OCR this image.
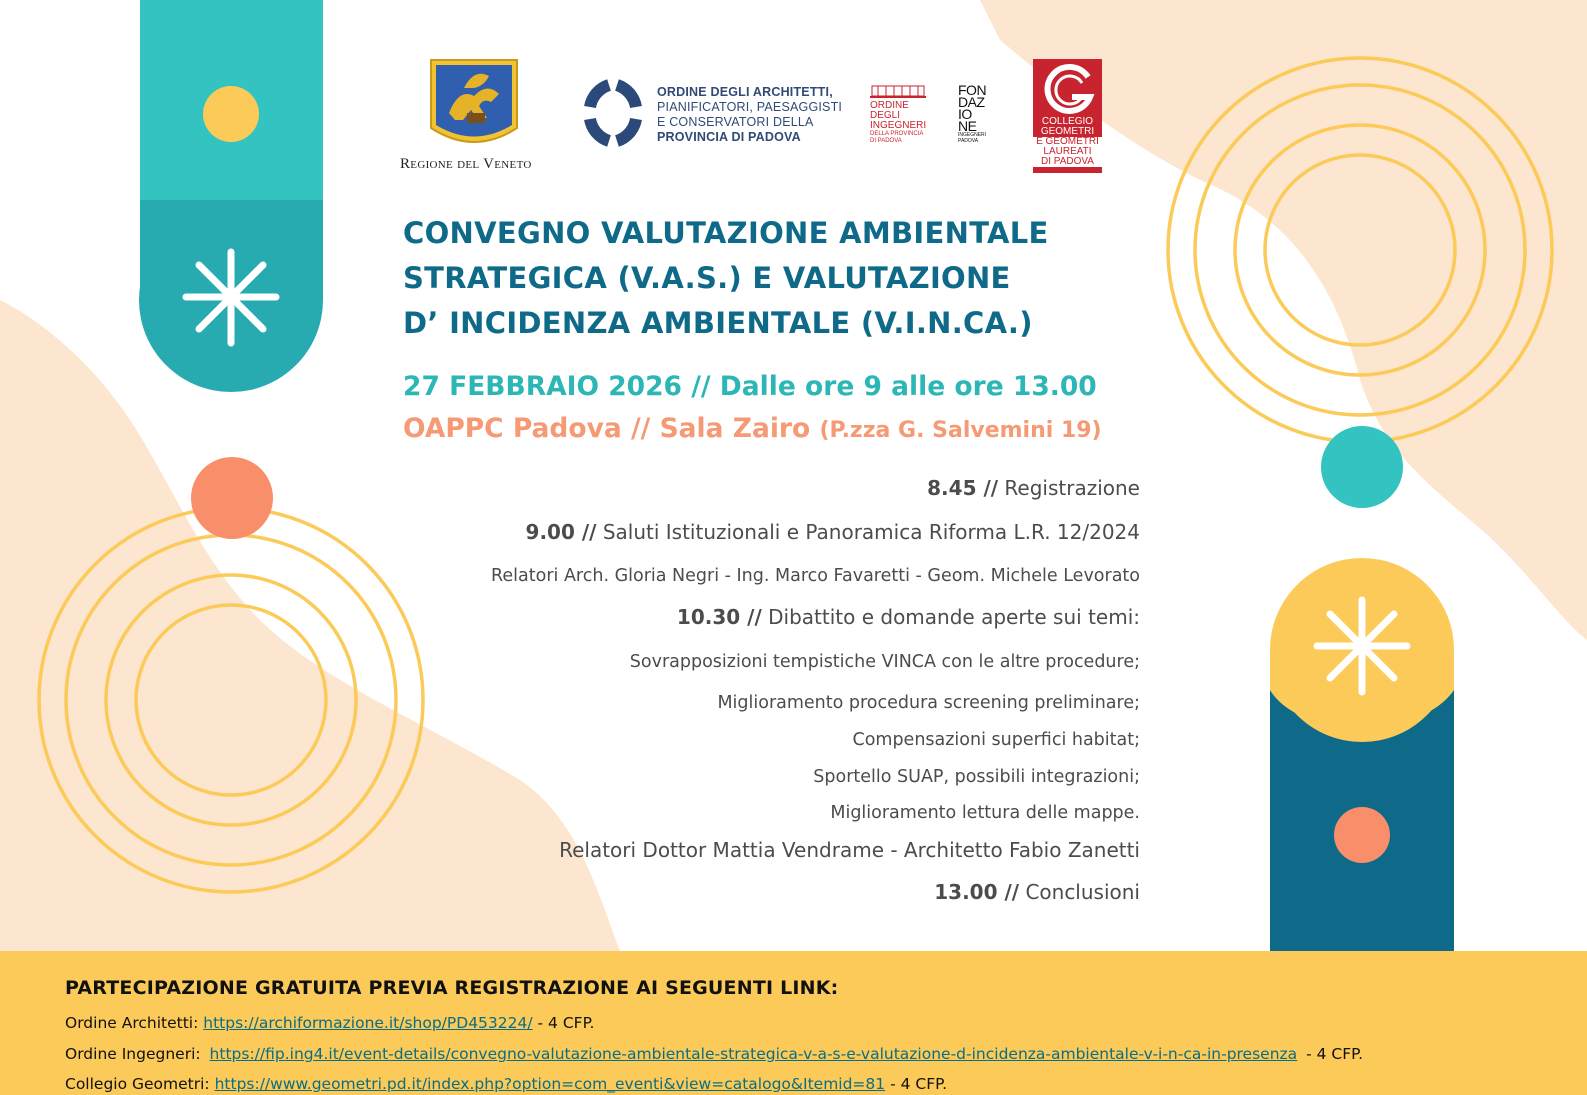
Regione del Veneto
ORDINE DEGLI ARCHITETTI,
PIANIFICATORI, PAESAGGISTI
E CONSERVATORI DELLA
PROVINCIA DI PADOVA
ORDINE
DEGLI
INGEGNERI
DELLA PROVINCIA
DI PADOVA
FON
DAZ
IO
NE
INGEGNERI
PADOVA
COLLEGIO
GEOMETRI
E GEOMETRI
LAUREATI
DI PADOVA
CONVEGNO VALUTAZIONE AMBIENTALE
STRATEGICA (V.A.S.) E VALUTAZIONE
D’ INCIDENZA AMBIENTALE (V.I.N.CA.)
27 FEBBRAIO 2026 // Dalle ore 9 alle ore 13.00
OAPPC Padova // Sala Zairo (P.zza G. Salvemini 19)
8.45 // Registrazione
9.00 // Saluti Istituzionali e Panoramica Riforma L.R. 12/2024
Relatori Arch. Gloria Negri - Ing. Marco Favaretti - Geom. Michele Levorato
10.30 // Dibattito e domande aperte sui temi:
Sovrapposizioni tempistiche VINCA con le altre procedure;
Miglioramento procedura screening preliminare;
Compensazioni superfici habitat;
Sportello SUAP, possibili integrazioni;
Miglioramento lettura delle mappe.
Relatori Dottor Mattia Vendrame - Architetto Fabio Zanetti
13.00 // Conclusioni
PARTECIPAZIONE GRATUITA PREVIA REGISTRAZIONE AI SEGUENTI LINK:
Ordine Architetti: https://archiformazione.it/shop/PD453224/ - 4 CFP.
Ordine Ingegneri: https://fip.ing4.it/event-details/convegno-valutazione-ambientale-strategica-v-a-s-e-valutazione-d-incidenza-ambientale-v-i-n-ca-in-presenza - 4 CFP.
Collegio Geometri: https://www.geometri.pd.it/index.php?option=com_eventi&view=catalogo&Itemid=81 - 4 CFP.
